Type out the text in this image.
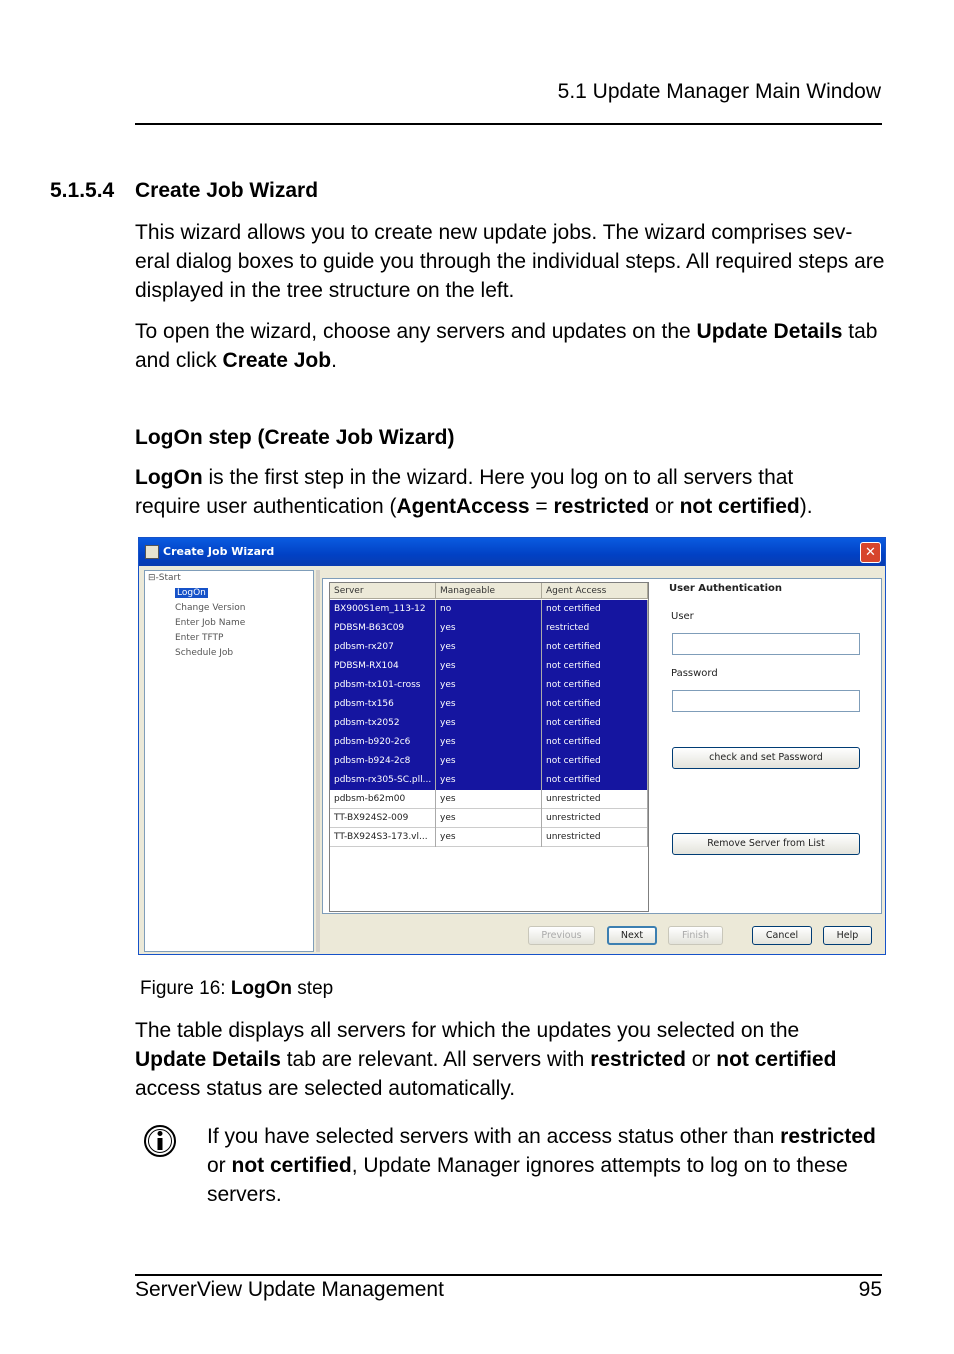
5.1 Update Manager Main Window
5.1.5.4 Create Job Wizard
This wizard allows you to create new update jobs. The wizard comprises sev-eral dialog boxes to guide you through the individual steps. All required steps are displayed in the tree structure on the left.
To open the wizard, choose any servers and updates on the Update Details tab and click Create Job.
LogOn step (Create Job Wizard)
LogOn is the first step in the wizard. Here you log on to all servers that require user authentication (AgentAccess = restricted or not certified).
Create Job Wizard	✕
⊟-Start
LogOn
Change Version
Enter Job Name
Enter TFTP
Schedule Job
Server	Manageable	Agent Access
BX900S1em_113-12	no	not certified
PDBSM-B63C09	yes	restricted
pdbsm-rx207	yes	not certified
PDBSM-RX104	yes	not certified
pdbsm-tx101-cross	yes	not certified
pdbsm-tx156	yes	not certified
pdbsm-tx2052	yes	not certified
pdbsm-b920-2c6	yes	not certified
pdbsm-b924-2c8	yes	not certified
pdbsm-rx305-SC.pll... yes	not certified
pdbsm-b62m00	yes	unrestricted
TT-BX924S2-009	yes	unrestricted
TT-BX924S3-173.vl...	yes	unrestricted
User Authentication
User
Password
check and set Password
Remove Server from List
Previous	Next	Finish	Cancel	Help
Figure 16: LogOn step
The table displays all servers for which the updates you selected on the Update Details tab are relevant. All servers with restricted or not certified access status are selected automatically.
If you have selected servers with an access status other than restricted or not certified, Update Manager ignores attempts to log on to these servers.
ServerView Update Management	95
